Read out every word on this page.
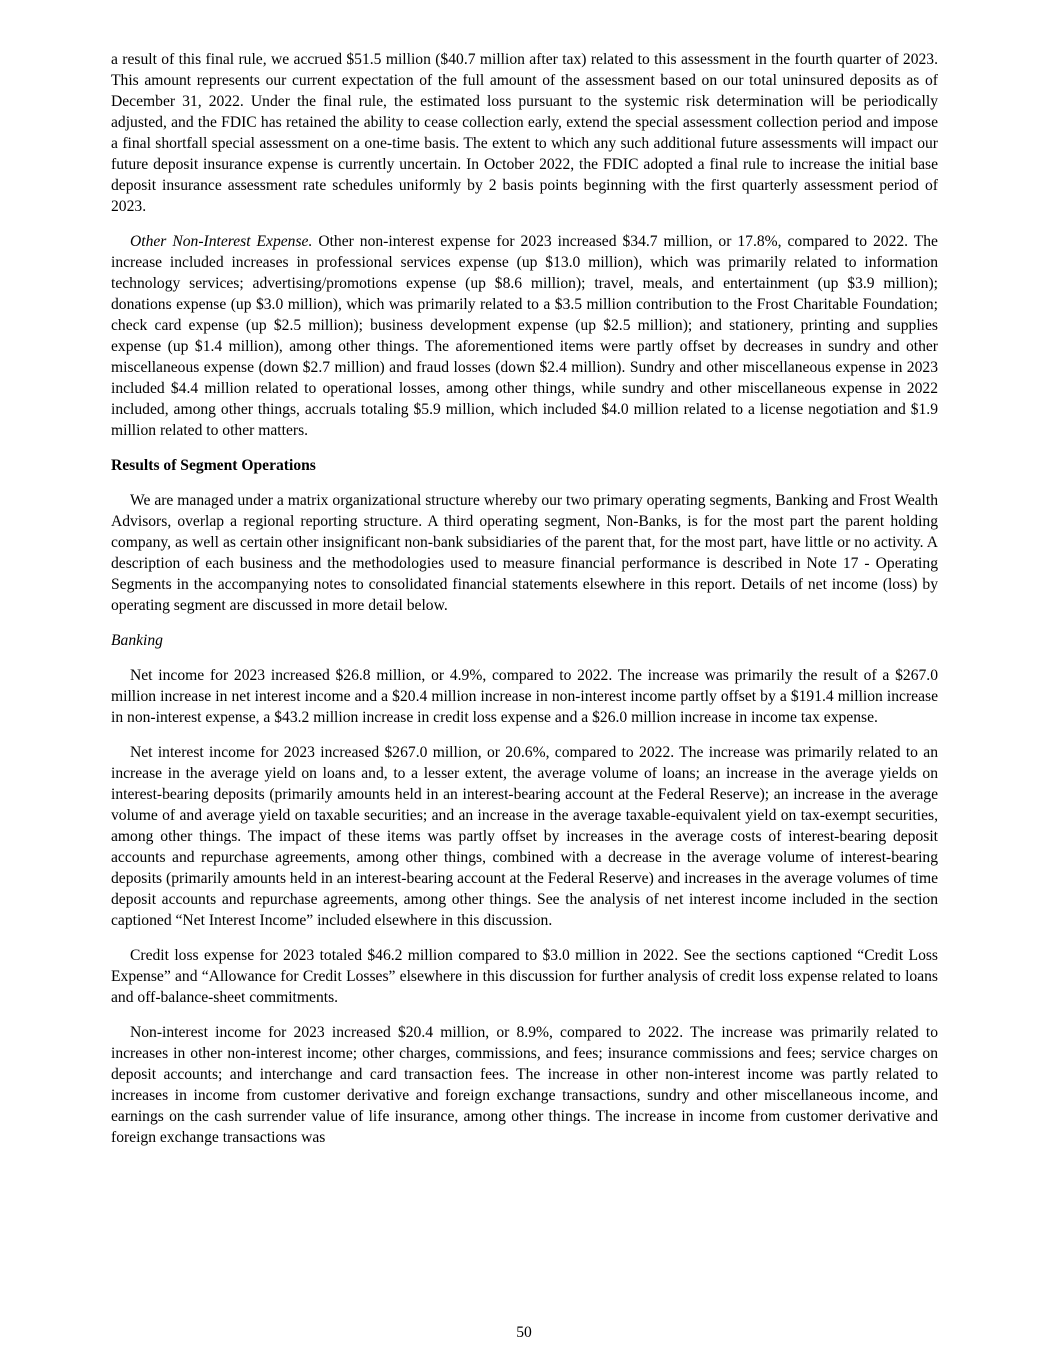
a result of this final rule, we accrued $51.5 million ($40.7 million after tax) related to this assessment in the fourth quarter of 2023. This amount represents our current expectation of the full amount of the assessment based on our total uninsured deposits as of December 31, 2022. Under the final rule, the estimated loss pursuant to the systemic risk determination will be periodically adjusted, and the FDIC has retained the ability to cease collection early, extend the special assessment collection period and impose a final shortfall special assessment on a one-time basis. The extent to which any such additional future assessments will impact our future deposit insurance expense is currently uncertain. In October 2022, the FDIC adopted a final rule to increase the initial base deposit insurance assessment rate schedules uniformly by 2 basis points beginning with the first quarterly assessment period of 2023.

Other Non-Interest Expense. Other non-interest expense for 2023 increased $34.7 million, or 17.8%, compared to 2022. The increase included increases in professional services expense (up $13.0 million), which was primarily related to information technology services; advertising/promotions expense (up $8.6 million); travel, meals, and entertainment (up $3.9 million); donations expense (up $3.0 million), which was primarily related to a $3.5 million contribution to the Frost Charitable Foundation; check card expense (up $2.5 million); business development expense (up $2.5 million); and stationery, printing and supplies expense (up $1.4 million), among other things. The aforementioned items were partly offset by decreases in sundry and other miscellaneous expense (down $2.7 million) and fraud losses (down $2.4 million). Sundry and other miscellaneous expense in 2023 included $4.4 million related to operational losses, among other things, while sundry and other miscellaneous expense in 2022 included, among other things, accruals totaling $5.9 million, which included $4.0 million related to a license negotiation and $1.9 million related to other matters.

Results of Segment Operations

We are managed under a matrix organizational structure whereby our two primary operating segments, Banking and Frost Wealth Advisors, overlap a regional reporting structure. A third operating segment, Non-Banks, is for the most part the parent holding company, as well as certain other insignificant non-bank subsidiaries of the parent that, for the most part, have little or no activity. A description of each business and the methodologies used to measure financial performance is described in Note 17 - Operating Segments in the accompanying notes to consolidated financial statements elsewhere in this report. Details of net income (loss) by operating segment are discussed in more detail below.

Banking

Net income for 2023 increased $26.8 million, or 4.9%, compared to 2022. The increase was primarily the result of a $267.0 million increase in net interest income and a $20.4 million increase in non-interest income partly offset by a $191.4 million increase in non-interest expense, a $43.2 million increase in credit loss expense and a $26.0 million increase in income tax expense.

Net interest income for 2023 increased $267.0 million, or 20.6%, compared to 2022. The increase was primarily related to an increase in the average yield on loans and, to a lesser extent, the average volume of loans; an increase in the average yields on interest-bearing deposits (primarily amounts held in an interest-bearing account at the Federal Reserve); an increase in the average volume of and average yield on taxable securities; and an increase in the average taxable-equivalent yield on tax-exempt securities, among other things. The impact of these items was partly offset by increases in the average costs of interest-bearing deposit accounts and repurchase agreements, among other things, combined with a decrease in the average volume of interest-bearing deposits (primarily amounts held in an interest-bearing account at the Federal Reserve) and increases in the average volumes of time deposit accounts and repurchase agreements, among other things. See the analysis of net interest income included in the section captioned “Net Interest Income” included elsewhere in this discussion.

Credit loss expense for 2023 totaled $46.2 million compared to $3.0 million in 2022. See the sections captioned “Credit Loss Expense” and “Allowance for Credit Losses” elsewhere in this discussion for further analysis of credit loss expense related to loans and off-balance-sheet commitments.

Non-interest income for 2023 increased $20.4 million, or 8.9%, compared to 2022. The increase was primarily related to increases in other non-interest income; other charges, commissions, and fees; insurance commissions and fees; service charges on deposit accounts; and interchange and card transaction fees. The increase in other non-interest income was partly related to increases in income from customer derivative and foreign exchange transactions, sundry and other miscellaneous income, and earnings on the cash surrender value of life insurance, among other things. The increase in income from customer derivative and foreign exchange transactions was

50
